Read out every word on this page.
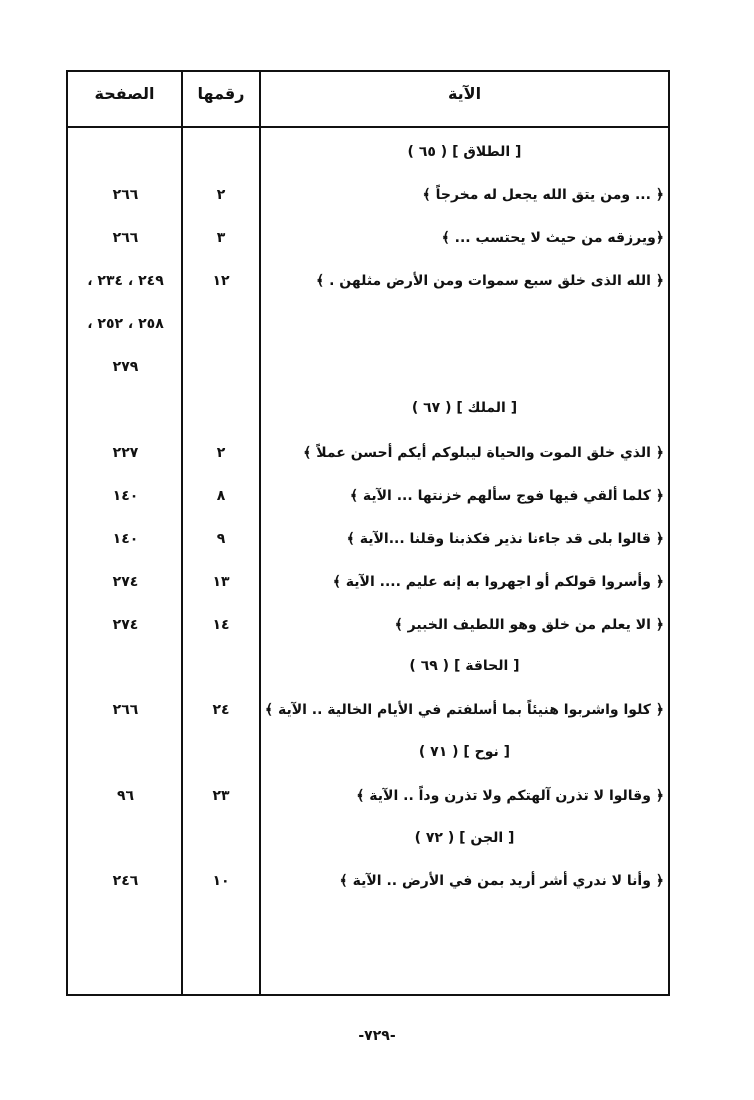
الصفحة	رقمها	الآية
[ الطلاق ] ( ٦٥ )
﴿ ... ومن يتق الله يجعل له مخرجاً ﴾
٢
٢٦٦
﴿ويرزقه من حيث لا يحتسب ... ﴾
٣
٢٦٦
﴿ الله الذى خلق سبع سموات ومن الأرض مثلهن . ﴾
١٢
٢٤٩ ، ٢٣٤ ،
٢٥٨ ، ٢٥٢ ،
٢٧٩
[ الملك ] ( ٦٧ )
﴿ الذي خلق الموت والحياة ليبلوكم أيكم أحسن عملاً ﴾
٢
٢٢٧
﴿ كلما ألقي فيها فوج سألهم خزنتها ... الآية ﴾
٨
١٤٠
﴿ قالوا بلى قد جاءنا نذير فكذبنا وقلنا ...الآية ﴾
٩
١٤٠
﴿ وأسروا قولكم أو اجهروا به إنه عليم .... الآية ﴾
١٣
٢٧٤
﴿ الا يعلم من خلق وهو اللطيف الخبير ﴾
١٤
٢٧٤
[ الحاقة ] ( ٦٩ )
﴿ كلوا واشربوا هنيئاً بما أسلفتم في الأيام الخالية .. الآية ﴾
٢٤
٢٦٦
[ نوح ] ( ٧١ )
﴿ وقالوا لا تذرن آلهتكم ولا تذرن وداً .. الآية ﴾
٢٣
٩٦
[ الجن ] ( ٧٢ )
﴿ وأنا لا ندري أشر أريد بمن في الأرض .. الآية ﴾
١٠
٢٤٦
-٧٢٩-
